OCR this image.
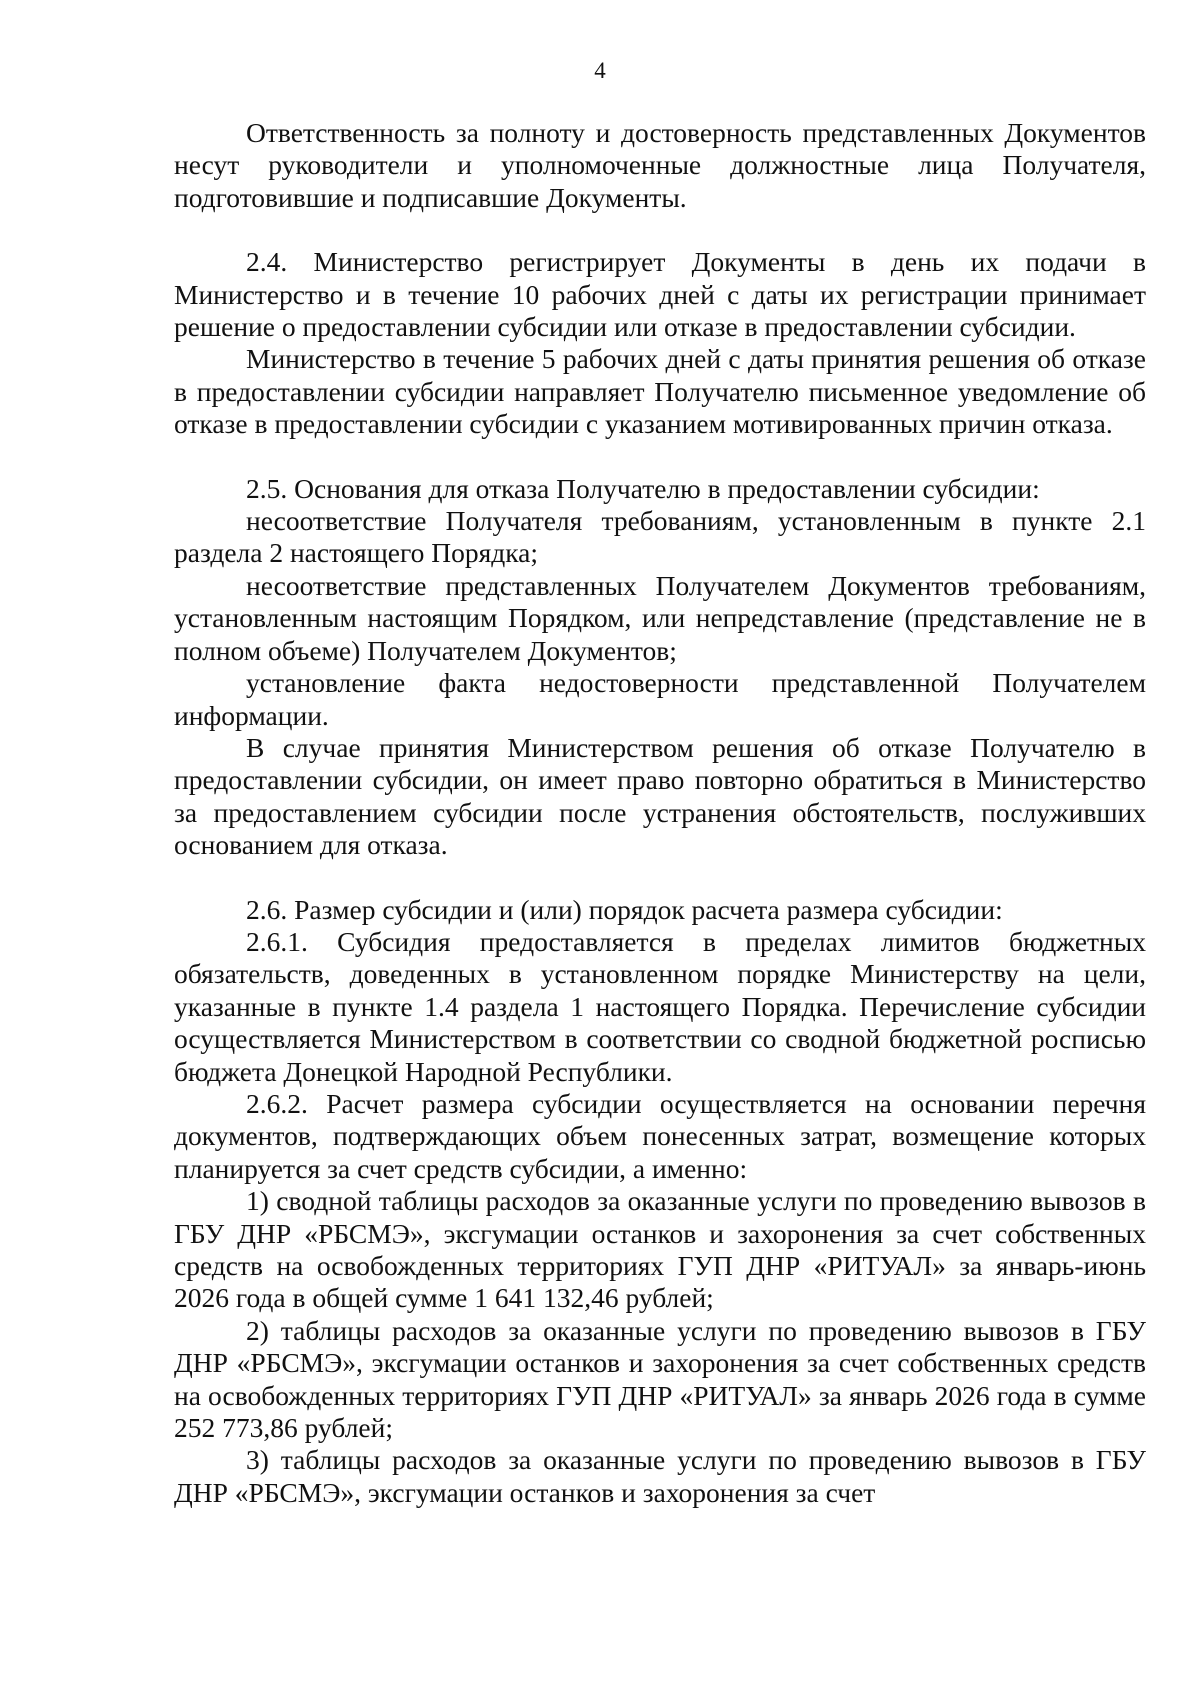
4

Ответственность за полноту и достоверность представленных Документов несут руководители и уполномоченные должностные лица Получателя, подготовившие и подписавшие Документы.

2.4. Министерство регистрирует Документы в день их подачи в Министерство и в течение 10 рабочих дней с даты их регистрации принимает решение о предоставлении субсидии или отказе в предоставлении субсидии.

Министерство в течение 5 рабочих дней с даты принятия решения об отказе в предоставлении субсидии направляет Получателю письменное уведомление об отказе в предоставлении субсидии с указанием мотивированных причин отказа.

2.5. Основания для отказа Получателю в предоставлении субсидии:

несоответствие Получателя требованиям, установленным в пункте 2.1 раздела 2 настоящего Порядка;

несоответствие представленных Получателем Документов требованиям, установленным настоящим Порядком, или непредставление (представление не в полном объеме) Получателем Документов;

установление факта недостоверности представленной Получателем информации.

В случае принятия Министерством решения об отказе Получателю в предоставлении субсидии, он имеет право повторно обратиться в Министерство за предоставлением субсидии после устранения обстоятельств, послуживших основанием для отказа.

2.6. Размер субсидии и (или) порядок расчета размера субсидии:

2.6.1. Субсидия предоставляется в пределах лимитов бюджетных обязательств, доведенных в установленном порядке Министерству на цели, указанные в пункте 1.4 раздела 1 настоящего Порядка. Перечисление субсидии осуществляется Министерством в соответствии со сводной бюджетной росписью бюджета Донецкой Народной Республики.

2.6.2. Расчет размера субсидии осуществляется на основании перечня документов, подтверждающих объем понесенных затрат, возмещение которых планируется за счет средств субсидии, а именно:

1) сводной таблицы расходов за оказанные услуги по проведению вывозов в ГБУ ДНР «РБСМЭ», эксгумации останков и захоронения за счет собственных средств на освобожденных территориях ГУП ДНР «РИТУАЛ» за январь-июнь 2026 года в общей сумме 1 641 132,46 рублей;

2) таблицы расходов за оказанные услуги по проведению вывозов в ГБУ ДНР «РБСМЭ», эксгумации останков и захоронения за счет собственных средств на освобожденных территориях ГУП ДНР «РИТУАЛ» за январь 2026 года в сумме 252 773,86 рублей;

3) таблицы расходов за оказанные услуги по проведению вывозов в ГБУ ДНР «РБСМЭ», эксгумации останков и захоронения за счет
